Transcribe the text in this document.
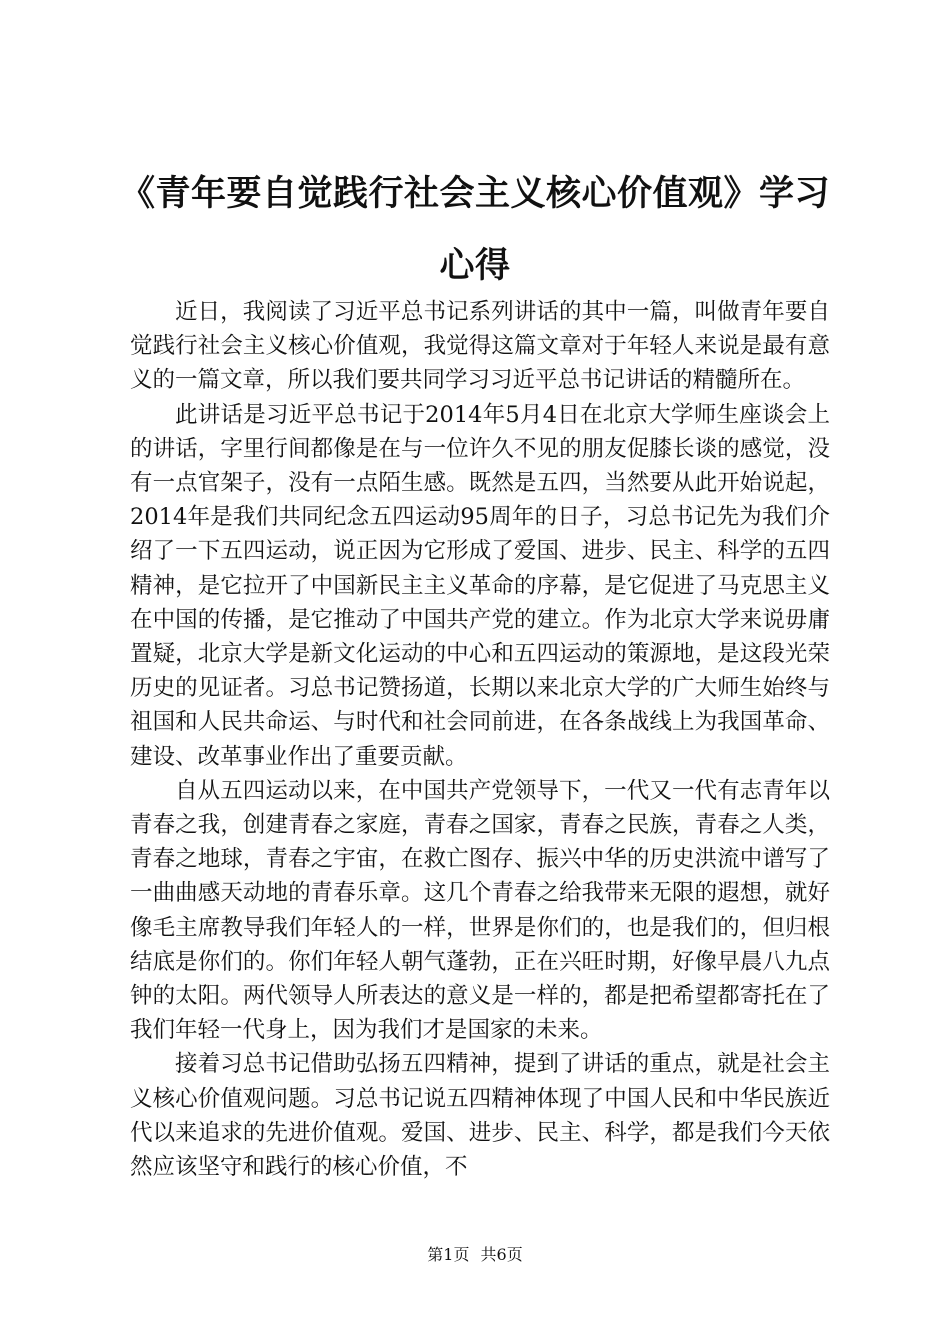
《青年要自觉践行社会主义核心价值观》学习心得

近日，我阅读了习近平总书记系列讲话的其中一篇，叫做青年要自觉践行社会主义核心价值观，我觉得这篇文章对于年轻人来说是最有意义的一篇文章，所以我们要共同学习习近平总书记讲话的精髓所在。

此讲话是习近平总书记于2014年5月4日在北京大学师生座谈会上的讲话，字里行间都像是在与一位许久不见的朋友促膝长谈的感觉，没有一点官架子，没有一点陌生感。既然是五四，当然要从此开始说起，2014年是我们共同纪念五四运动95周年的日子，习总书记先为我们介绍了一下五四运动，说正因为它形成了爱国、进步、民主、科学的五四精神，是它拉开了中国新民主主义革命的序幕，是它促进了马克思主义在中国的传播，是它推动了中国共产党的建立。作为北京大学来说毋庸置疑，北京大学是新文化运动的中心和五四运动的策源地，是这段光荣历史的见证者。习总书记赞扬道，长期以来北京大学的广大师生始终与祖国和人民共命运、与时代和社会同前进，在各条战线上为我国革命、建设、改革事业作出了重要贡献。

自从五四运动以来，在中国共产党领导下，一代又一代有志青年以青春之我，创建青春之家庭，青春之国家，青春之民族，青春之人类，青春之地球，青春之宇宙，在救亡图存、振兴中华的历史洪流中谱写了一曲曲感天动地的青春乐章。这几个青春之给我带来无限的遐想，就好像毛主席教导我们年轻人的一样，世界是你们的，也是我们的，但归根结底是你们的。你们年轻人朝气蓬勃，正在兴旺时期，好像早晨八九点钟的太阳。两代领导人所表达的意义是一样的，都是把希望都寄托在了我们年轻一代身上，因为我们才是国家的未来。

接着习总书记借助弘扬五四精神，提到了讲话的重点，就是社会主义核心价值观问题。习总书记说五四精神体现了中国人民和中华民族近代以来追求的先进价值观。爱国、进步、民主、科学，都是我们今天依然应该坚守和践行的核心价值，不

第1页 共6页
